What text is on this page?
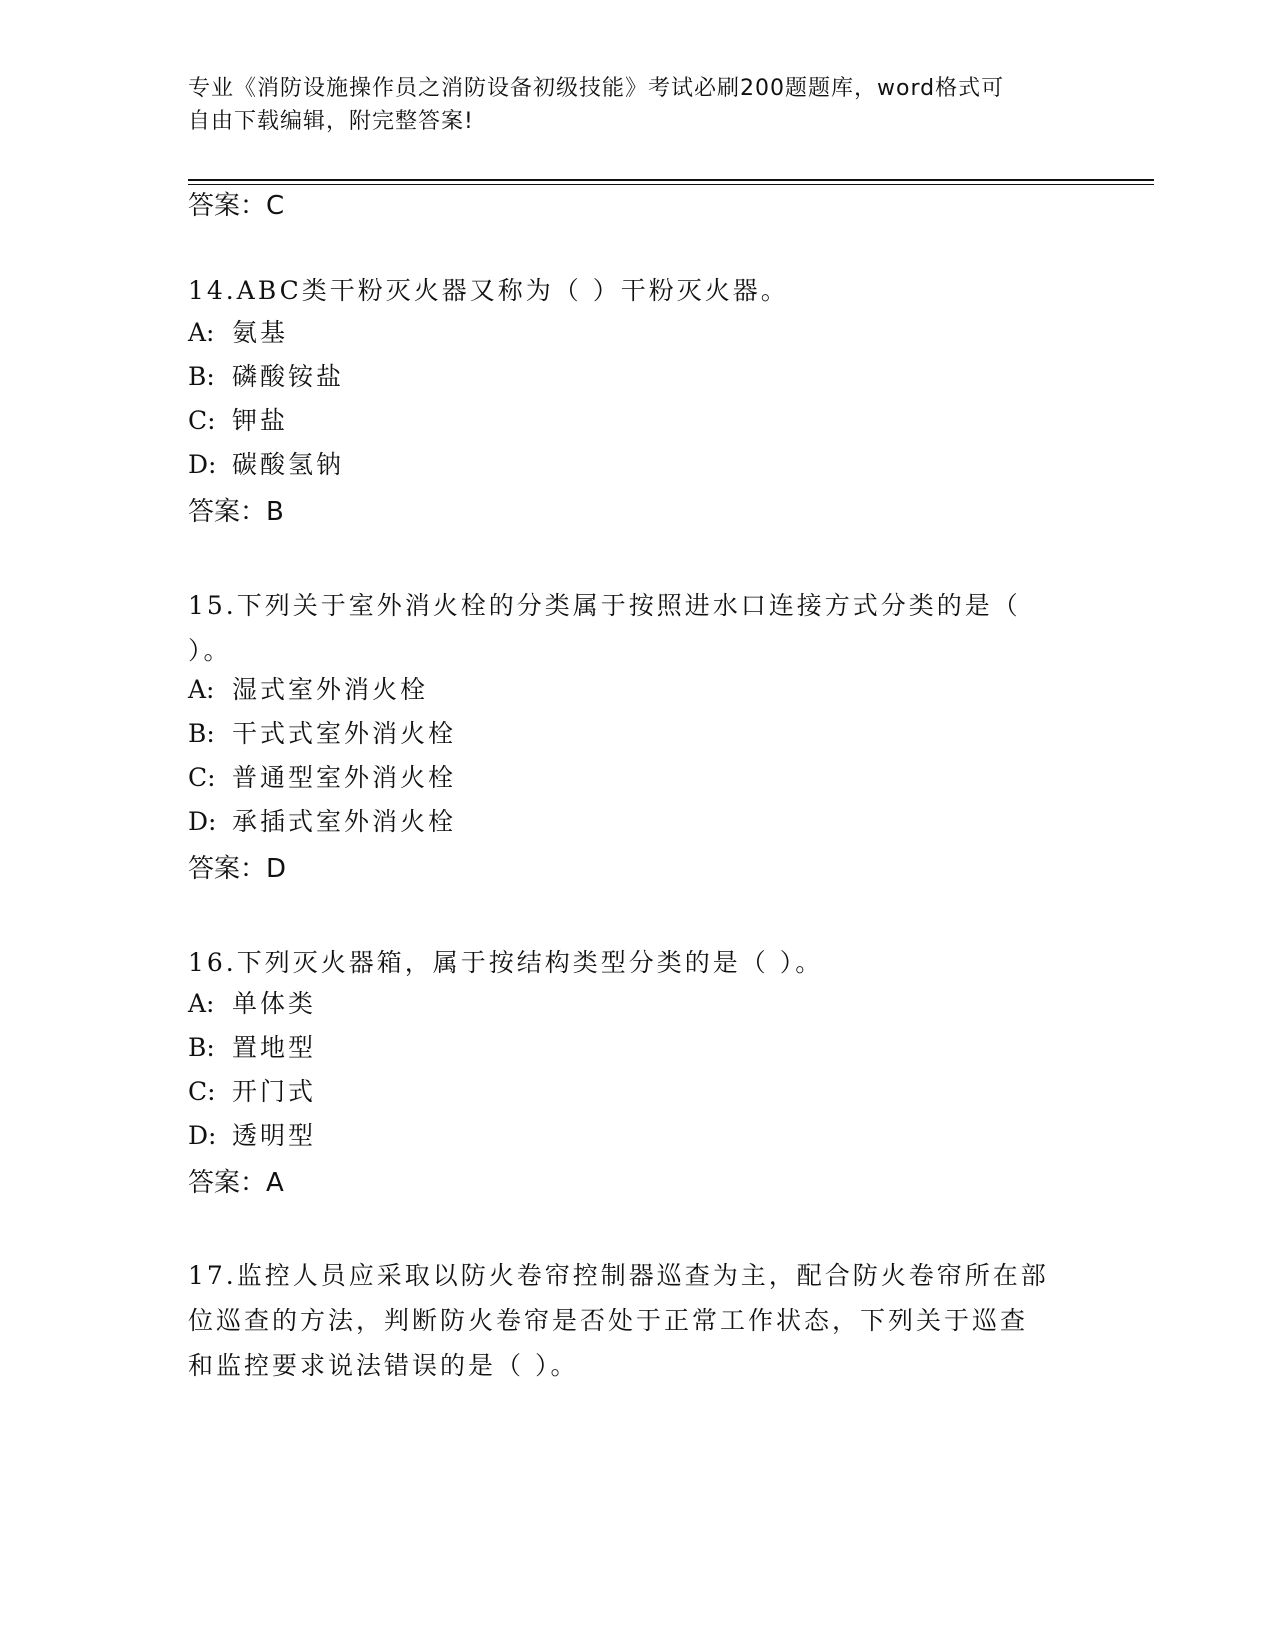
专业《消防设施操作员之消防设备初级技能》考试必刷200题题库，word格式可
自由下载编辑，附完整答案!
答案：C
14.ABC类干粉灭火器又称为（ ）干粉灭火器。
A: 氨基
B: 磷酸铵盐
C: 钾盐
D: 碳酸氢钠
答案：B
15.下列关于室外消火栓的分类属于按照进水口连接方式分类的是（
）。
A: 湿式室外消火栓
B: 干式式室外消火栓
C: 普通型室外消火栓
D: 承插式室外消火栓
答案：D
16.下列灭火器箱，属于按结构类型分类的是（ ）。
A: 单体类
B: 置地型
C: 开门式
D: 透明型
答案：A
17.监控人员应采取以防火卷帘控制器巡查为主，配合防火卷帘所在部
位巡查的方法，判断防火卷帘是否处于正常工作状态，下列关于巡查
和监控要求说法错误的是（ ）。
